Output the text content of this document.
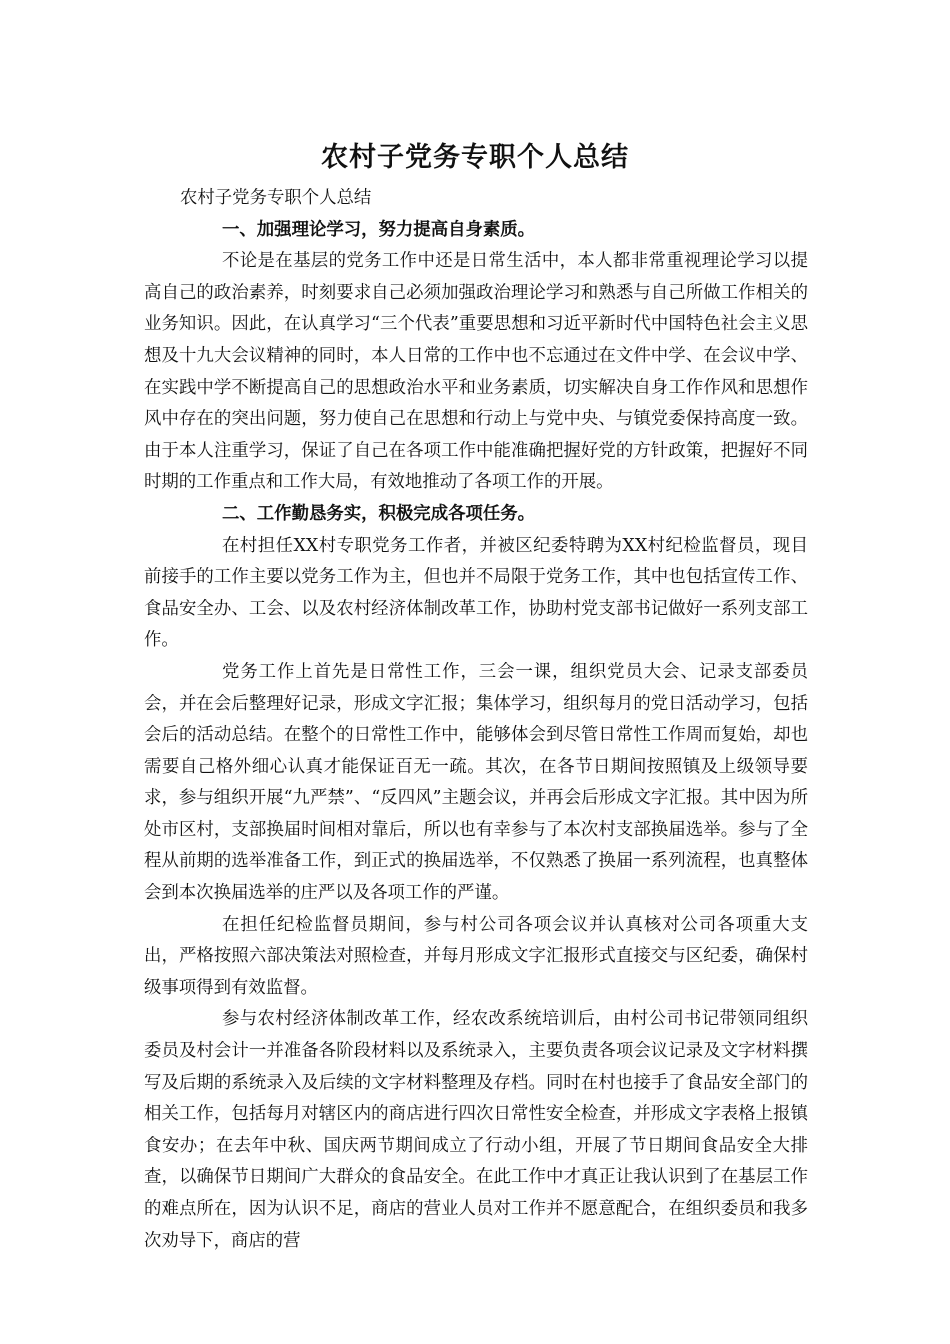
农村子党务专职个人总结

农村子党务专职个人总结

一、加强理论学习，努力提高自身素质。

不论是在基层的党务工作中还是日常生活中，本人都非常重视理论学习以提高自己的政治素养，时刻要求自己必须加强政治理论学习和熟悉与自己所做工作相关的业务知识。因此，在认真学习“三个代表”重要思想和习近平新时代中国特色社会主义思想及十九大会议精神的同时，本人日常的工作中也不忘通过在文件中学、在会议中学、在实践中学不断提高自己的思想政治水平和业务素质，切实解决自身工作作风和思想作风中存在的突出问题，努力使自己在思想和行动上与党中央、与镇党委保持高度一致。由于本人注重学习，保证了自己在各项工作中能准确把握好党的方针政策，把握好不同时期的工作重点和工作大局，有效地推动了各项工作的开展。

二、工作勤恳务实，积极完成各项任务。

在村担任XX村专职党务工作者，并被区纪委特聘为XX村纪检监督员，现目前接手的工作主要以党务工作为主，但也并不局限于党务工作，其中也包括宣传工作、食品安全办、工会、以及农村经济体制改革工作，协助村党支部书记做好一系列支部工作。

党务工作上首先是日常性工作，三会一课，组织党员大会、记录支部委员会，并在会后整理好记录，形成文字汇报；集体学习，组织每月的党日活动学习，包括会后的活动总结。在整个的日常性工作中，能够体会到尽管日常性工作周而复始，却也需要自己格外细心认真才能保证百无一疏。其次，在各节日期间按照镇及上级领导要求，参与组织开展“九严禁”、“反四风”主题会议，并再会后形成文字汇报。其中因为所处市区村，支部换届时间相对靠后，所以也有幸参与了本次村支部换届选举。参与了全程从前期的选举准备工作，到正式的换届选举，不仅熟悉了换届一系列流程，也真整体会到本次换届选举的庄严以及各项工作的严谨。

在担任纪检监督员期间，参与村公司各项会议并认真核对公司各项重大支出，严格按照六部决策法对照检查，并每月形成文字汇报形式直接交与区纪委，确保村级事项得到有效监督。

参与农村经济体制改革工作，经农改系统培训后，由村公司书记带领同组织委员及村会计一并准备各阶段材料以及系统录入，主要负责各项会议记录及文字材料撰写及后期的系统录入及后续的文字材料整理及存档。同时在村也接手了食品安全部门的相关工作，包括每月对辖区内的商店进行四次日常性安全检查，并形成文字表格上报镇食安办；在去年中秋、国庆两节期间成立了行动小组，开展了节日期间食品安全大排查，以确保节日期间广大群众的食品安全。在此工作中才真正让我认识到了在基层工作的难点所在，因为认识不足，商店的营业人员对工作并不愿意配合，在组织委员和我多次劝导下，商店的营
